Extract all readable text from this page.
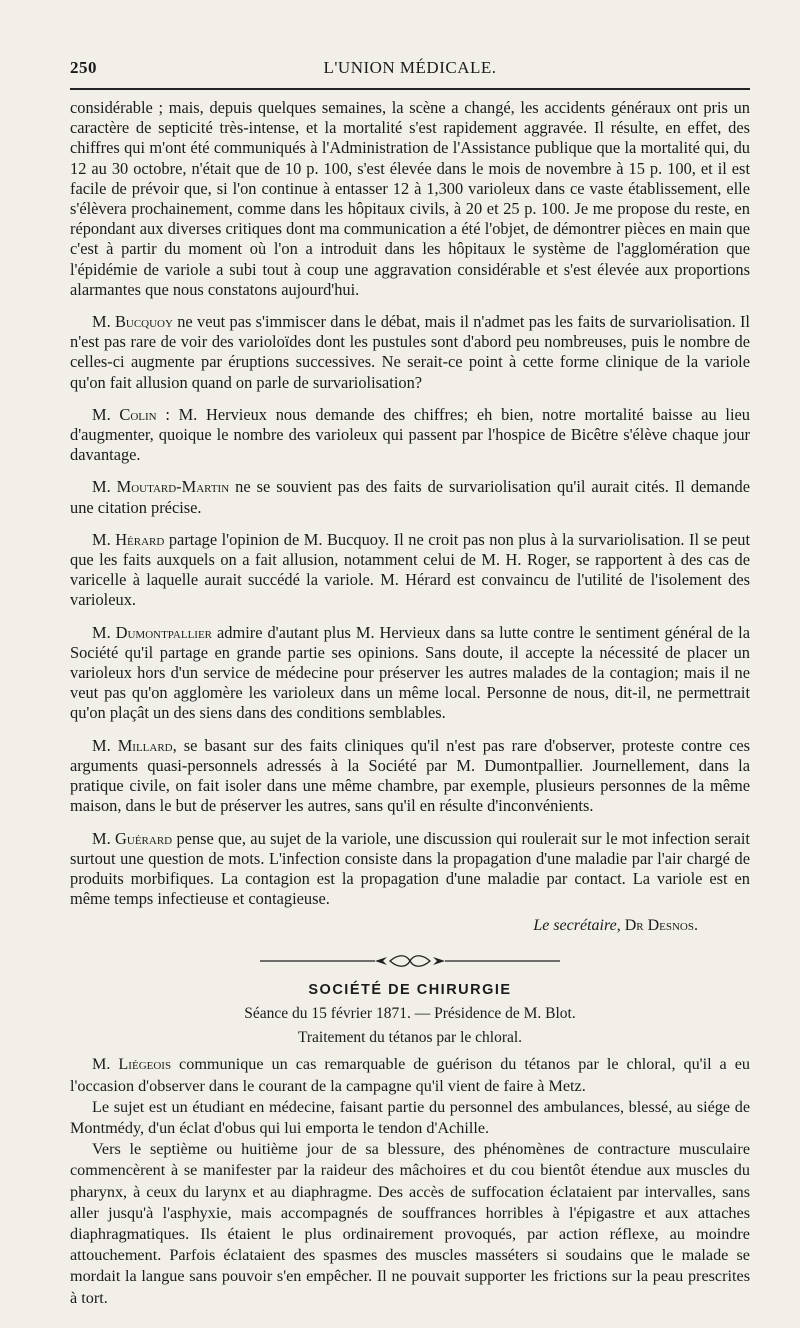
250	L'UNION MÉDICALE.

considérable ; mais, depuis quelques semaines, la scène a changé, les accidents généraux ont pris un caractère de septicité très-intense, et la mortalité s'est rapidement aggravée. Il résulte, en effet, des chiffres qui m'ont été communiqués à l'Administration de l'Assistance publique que la mortalité qui, du 12 au 30 octobre, n'était que de 10 p. 100, s'est élevée dans le mois de novembre à 15 p. 100, et il est facile de prévoir que, si l'on continue à entasser 12 à 1,300 varioleux dans ce vaste établissement, elle s'élèvera prochainement, comme dans les hôpitaux civils, à 20 et 25 p. 100. Je me propose du reste, en répondant aux diverses critiques dont ma communication a été l'objet, de démontrer pièces en main que c'est à partir du moment où l'on a introduit dans les hôpitaux le système de l'agglomération que l'épidémie de variole a subi tout à coup une aggravation considérable et s'est élevée aux proportions alarmantes que nous constatons aujourd'hui.

M. Bucquoy ne veut pas s'immiscer dans le débat, mais il n'admet pas les faits de survariolisation. Il n'est pas rare de voir des varioloïdes dont les pustules sont d'abord peu nombreuses, puis le nombre de celles-ci augmente par éruptions successives. Ne serait-ce point à cette forme clinique de la variole qu'on fait allusion quand on parle de survariolisation?

M. Colin : M. Hervieux nous demande des chiffres; eh bien, notre mortalité baisse au lieu d'augmenter, quoique le nombre des varioleux qui passent par l'hospice de Bicêtre s'élève chaque jour davantage.

M. Moutard-Martin ne se souvient pas des faits de survariolisation qu'il aurait cités. Il demande une citation précise.

M. Hérard partage l'opinion de M. Bucquoy. Il ne croit pas non plus à la survariolisation. Il se peut que les faits auxquels on a fait allusion, notamment celui de M. H. Roger, se rapportent à des cas de varicelle à laquelle aurait succédé la variole. M. Hérard est convaincu de l'utilité de l'isolement des varioleux.

M. Dumontpallier admire d'autant plus M. Hervieux dans sa lutte contre le sentiment général de la Société qu'il partage en grande partie ses opinions. Sans doute, il accepte la nécessité de placer un varioleux hors d'un service de médecine pour préserver les autres malades de la contagion; mais il ne veut pas qu'on agglomère les varioleux dans un même local. Personne de nous, dit-il, ne permettrait qu'on plaçât un des siens dans des conditions semblables.

M. Millard, se basant sur des faits cliniques qu'il n'est pas rare d'observer, proteste contre ces arguments quasi-personnels adressés à la Société par M. Dumontpallier. Journellement, dans la pratique civile, on fait isoler dans une même chambre, par exemple, plusieurs personnes de la même maison, dans le but de préserver les autres, sans qu'il en résulte d'inconvénients.

M. Guérard pense que, au sujet de la variole, une discussion qui roulerait sur le mot infection serait surtout une question de mots. L'infection consiste dans la propagation d'une maladie par l'air chargé de produits morbifiques. La contagion est la propagation d'une maladie par contact. La variole est en même temps infectieuse et contagieuse.

Le secrétaire, Dr Desnos.
SOCIÉTÉ DE CHIRURGIE
Séance du 15 février 1871. — Présidence de M. Blot.
Traitement du tétanos par le chloral.

M. Liégeois communique un cas remarquable de guérison du tétanos par le chloral, qu'il a eu l'occasion d'observer dans le courant de la campagne qu'il vient de faire à Metz.

Le sujet est un étudiant en médecine, faisant partie du personnel des ambulances, blessé, au siége de Montmédy, d'un éclat d'obus qui lui emporta le tendon d'Achille.

Vers le septième ou huitième jour de sa blessure, des phénomènes de contracture musculaire commencèrent à se manifester par la raideur des mâchoires et du cou bientôt étendue aux muscles du pharynx, à ceux du larynx et au diaphragme. Des accès de suffocation éclataient par intervalles, sans aller jusqu'à l'asphyxie, mais accompagnés de souffrances horribles à l'épigastre et aux attaches diaphragmatiques. Ils étaient le plus ordinairement provoqués, par action réflexe, au moindre attouchement. Parfois éclataient des spasmes des muscles masséters si soudains que le malade se mordait la langue sans pouvoir s'en empêcher. Il ne pouvait supporter les frictions sur la peau prescrites à tort.
